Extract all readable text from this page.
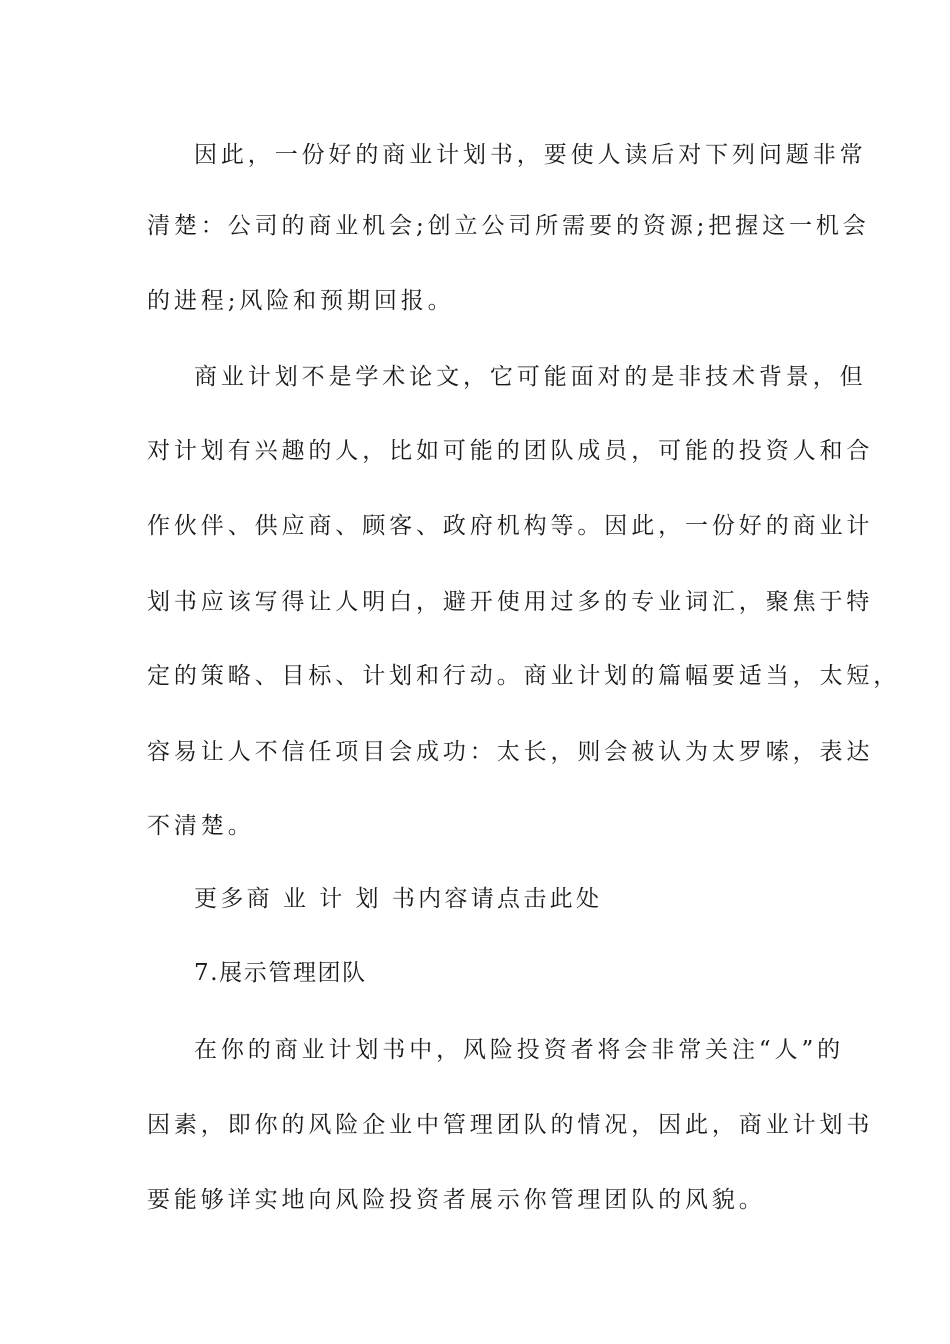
因此，一份好的商业计划书，要使人读后对下列问题非常
清楚：公司的商业机会;创立公司所需要的资源;把握这一机会
的进程;风险和预期回报。
商业计划不是学术论文，它可能面对的是非技术背景，但
对计划有兴趣的人，比如可能的团队成员，可能的投资人和合
作伙伴、供应商、顾客、政府机构等。因此，一份好的商业计
划书应该写得让人明白，避开使用过多的专业词汇，聚焦于特
定的策略、目标、计划和行动。商业计划的篇幅要适当，太短，
容易让人不信任项目会成功：太长，则会被认为太罗嗦，表达
不清楚。
更多商 业 计 划 书内容请点击此处
7.展示管理团队
在你的商业计划书中，风险投资者将会非常关注“人”的
因素，即你的风险企业中管理团队的情况，因此，商业计划书
要能够详实地向风险投资者展示你管理团队的风貌。
